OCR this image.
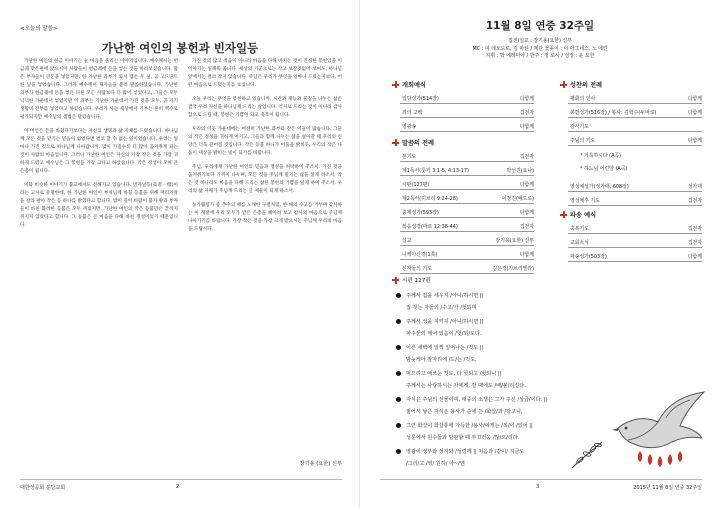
<오늘의 말씀>
가난한 여인의 봉헌과 빈자일등

가난한 여인의 헌금 이야기는 늘 마음을 울리는 이야기입니다. 예수께서는 헌금궤 맞은편에 앉으시어 사람들이 헌금궤에 돈을 넣는 것을 바라보셨습니다. 많은 부자들이 큰돈을 넣었지만, 한 가난한 과부가 와서 렙돈 두 닢, 곧 고드란트 한 닢을 넣었습니다. 그러자 예수께서 제자들을 불러 말씀하셨습니다. 가난한 과부가 헌금궤에 돈을 넣은 다른 모든 사람보다 더 많이 넣었다고, 그들은 모두 넉넉한 가운데서 넣었지만 이 과부는 가난한 가운데서 가진 것을 모두, 곧 자기 생활비 전부를 넣었다고 하셨습니다. 우리가 사는 세상에서 기부는 흔히 액수로 평가되지만 예수님의 셈법은 달랐습니다.

이 여인은 돈을 바쳤다기보다는 자신의 생명과 삶 자체를 드렸습니다. 하나님께 모든 것을 맡기는 믿음이 없었다면 결코 할 수 없는 일이었습니다. 우리는 얼마나 가진 것으로 하나님께 나아갑니까. 많이 가질수록 더 많이 움켜쥐게 되는 것이 사람의 마음입니다. 그러나 가난한 여인은 자신의 가장 작은 것을 가장 귀하게 드렸고 예수님은 그 봉헌을 가장 크다고 하셨습니다. 작은 정성이 모여 큰 은총이 됩니다.

이와 비슷한 이야기가 불교에서도 전해지고 있습니다. 빈자일등(貧者一燈)이라는 고사로 유명한데, 한 가난한 여인이 부처님께 바칠 등불을 위해 머리카락을 잘라 팔아 작은 등 하나를 밝혔다고 합니다. 밤이 깊어 바람이 불자 왕과 부자들이 바친 화려한 등불은 모두 꺼졌지만, 가난한 여인의 작은 등불만은 끝까지 꺼지지 않았다고 합니다. 그 등불은 온 마음을 다해 바친 정성이었기 때문입니다.

가진 것의 많고 적음이 아니라 마음을 다해 바치는 것이 진정한 봉헌임을 이 이야기는 일깨워 줍니다. 세상의 기준으로는 작고 보잘것없어 보여도, 하나님 앞에서는 결코 작지 않습니다. 주님은 우리가 무엇을 얼마나 드렸는지보다, 어떤 마음으로 드렸는지를 보십니다.

오늘 우리는 무엇을 봉헌하고 있습니까. 시간과 재능과 물질을 나누는 삶은 결국 우리 자신을 하나님께 드리는 삶입니다. 억지로 드리는 것이 아니라 감사함으로 드릴 때, 봉헌은 기쁨이 되고 축복이 됩니다.

우리의 이웃 가운데에는 여전히 가난한 과부와 같은 이들이 많습니다. 그들의 작은 정성을 귀하게 여기고, 그들과 함께 나누는 삶을 살아갈 때 우리의 신앙은 더욱 깊어질 것입니다. 작은 등불 하나가 어둠을 밝히듯, 우리의 작은 나눔이 세상을 밝히는 빛이 되기를 바랍니다.

주님, 우리에게 가난한 여인의 믿음과 정성을 허락하여 주소서. 가진 것을 움켜쥐기보다 기꺼이 나누며, 모든 것을 주님께 맡기는 삶을 살게 하소서. 작은 것 하나라도 마음을 다해 드리는 참된 봉헌의 기쁨을 알게 하여 주소서. 우리의 삶 자체가 주님께 드리는 산 제물이 되게 하소서.

농가월령가 중 추수의 때를 노래한 구절처럼, 한 해의 수고를 거두며 감사하는 이 계절에 우리 모두가 받은 은총을 헤아려 보고 감사의 마음으로 주님께 나아가기를 바랍니다. 가장 작은 것을 가장 크게 받으시는 주님께 우리의 마음을 드립시다.

장기용 (요한) 신부
대한성공회 분당교회	2
11월 8일 연중 32주일
집전/설교 : 장기용(요한) 신부
MC : 여 데오도로, 김 마틴 / 제단 꽃꽂이 : 이 아그네스, 노 애린
지휘 : 박 에레미야 / 반주 : 정 로사 / 성정 : 윤 요한
3	2015년 11월 8일 연중 32주일
개회예식
입당성가(514장)	다함께
죄의 고백	집전자
영광송	다함께
말씀의 전례
본기도	집전자
제1독서(룻기 3:1-5, 4:13-17)	박선진(요나)
시편(127편)	다함께
제2독서(히브리 9:24-28)	이정진(베드로)
층계성가(593장)	다함께
복음성경(마르 12:38-44)	집전자
설교	장기용(요한) 신부
니케아신경(1쪽)	다함께
신자들의 기도	김은경(가브리엘라)
성찬의 전례
평화의 인사	다함께
봉헌성가(516장) / 봉사: 김학수(두바로)	다함께
감사기도
주님의 기도	다함께
* 거룩하시다 (A곡)
* 하느님 어린양 (A곡)
영성체성가(성가대, 608장)	성가대
영성체후 기도	집전자
파송 예식
축복기도	집전자
교회소식	집전자
파송성가(503장)	다함께
시편 127편
주께서 집을 세우지 /아니/하시면 ||
집 짓는 자들의 /수고/가 /헛되며
주께서 성을 지키지 /아니/하시면 ||
파수꾼의 깨어 있음이 /헛/되/도다.
이른 새벽에 일찍 일어나는 /것도 ||
밤늦게야 잠자리에 /드/는 /것도,
먹으려고 애쓰는 것도, 다 헛되고 /헛되니 ||
주께서는 사랑하시는 자에게, 잘 때에도 /배/불/리신다.
자식은 주님의 선물이며, 태중의 소생은 그가 주신 /상급/이다. ||
젊어서 낳은 자식은 용사가 손에 든 /화살/과 /같고니,
그런 화살이 화살통에 가득한 /용사/에게는 /복/이 /있어 ||
성문에서 원수들과 담판할 때 부끄러움 /않/으/리라.
영광이 성부와 성자와 /성령께 || 처음과 /같이/ 지금도
/그리/고 /영/ 원히/ 아~/멘
